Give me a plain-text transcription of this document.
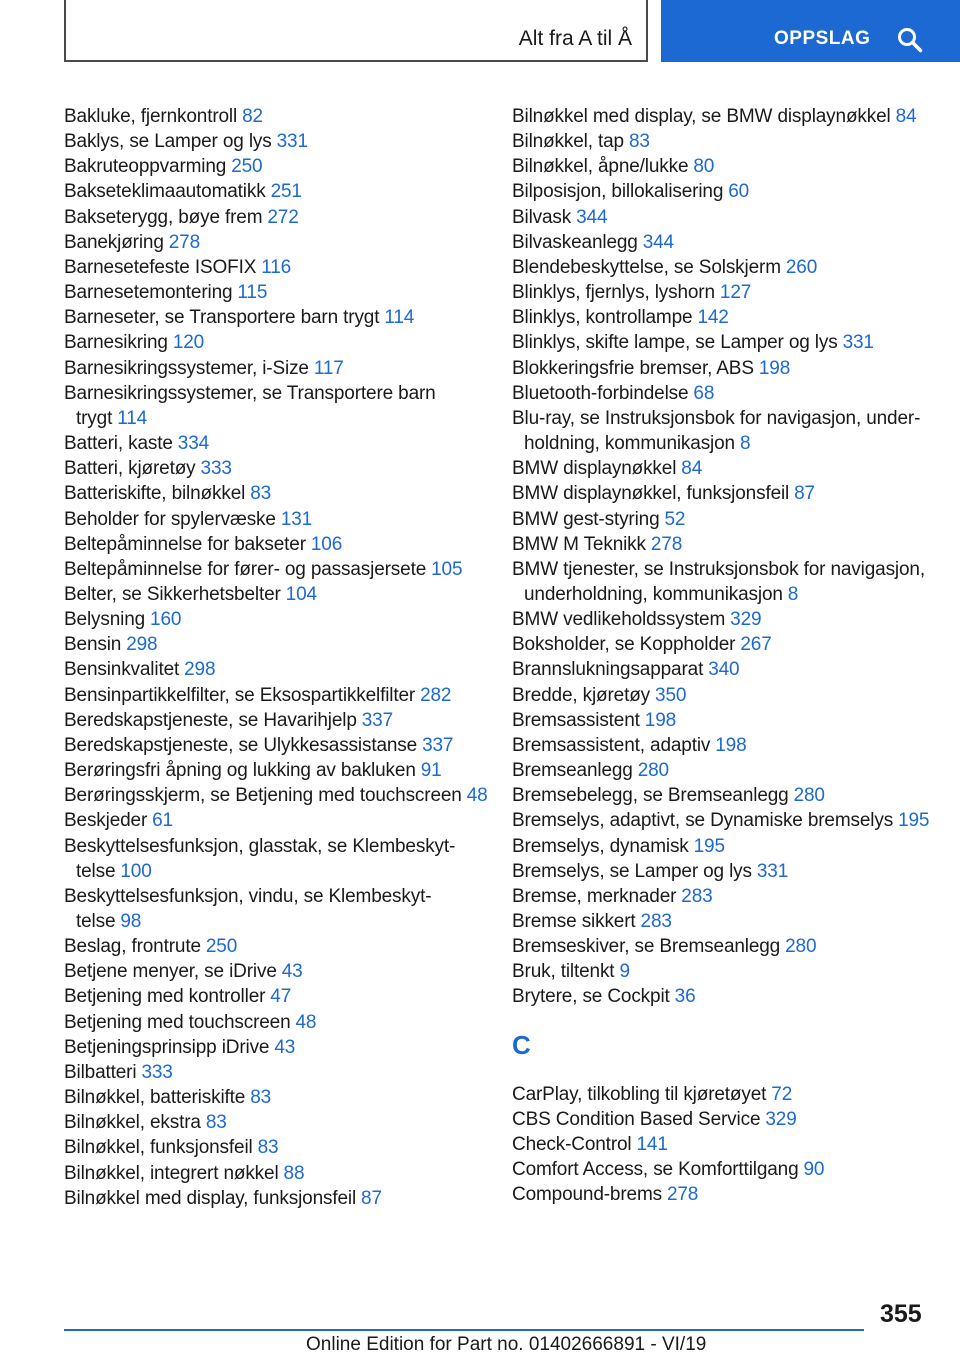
Alt fra A til Å	OPPSLAG
Bakluke, fjernkontroll 82
Baklys, se Lamper og lys 331
Bakruteoppvarming 250
Bakseteklimaautomatikk 251
Bakseterygg, bøye frem 272
Banekjøring 278
Barnesetefeste ISOFIX 116
Barnesetemontering 115
Barneseter, se Transportere barn trygt 114
Barnesikring 120
Barnesikringssystemer, i-Size 117
Barnesikringssystemer, se Transportere barn trygt 114
Batteri, kaste 334
Batteri, kjøretøy 333
Batteriskifte, bilnøkkel 83
Beholder for spylervæske 131
Beltepåminnelse for bakseter 106
Beltepåminnelse for fører- og passasjersete 105
Belter, se Sikkerhetsbelter 104
Belysning 160
Bensin 298
Bensinkvalitet 298
Bensinpartikkelfilter, se Eksospartikkelfilter 282
Beredskapstjeneste, se Havarihjelp 337
Beredskapstjeneste, se Ulykkesassistanse 337
Berøringsfri åpning og lukking av bakluken 91
Berøringsskjerm, se Betjening med touchscreen 48
Beskjeder 61
Beskyttelsesfunksjon, glasstak, se Klembeskyttelse 100
Beskyttelsesfunksjon, vindu, se Klembeskyttelse 98
Beslag, frontrute 250
Betjene menyer, se iDrive 43
Betjening med kontroller 47
Betjening med touchscreen 48
Betjeningsprinsipp iDrive 43
Bilbatteri 333
Bilnøkkel, batteriskifte 83
Bilnøkkel, ekstra 83
Bilnøkkel, funksjonsfeil 83
Bilnøkkel, integrert nøkkel 88
Bilnøkkel med display, funksjonsfeil 87
Bilnøkkel med display, se BMW displaynøkkel 84
Bilnøkkel, tap 83
Bilnøkkel, åpne/lukke 80
Bilposisjon, billokalisering 60
Bilvask 344
Bilvaskeanlegg 344
Blendebeskyttelse, se Solskjerm 260
Blinklys, fjernlys, lyshorn 127
Blinklys, kontrollampe 142
Blinklys, skifte lampe, se Lamper og lys 331
Blokkeringsfrie bremser, ABS 198
Bluetooth-forbindelse 68
Blu-ray, se Instruksjonsbok for navigasjon, underholdning, kommunikasjon 8
BMW displaynøkkel 84
BMW displaynøkkel, funksjonsfeil 87
BMW gest-styring 52
BMW M Teknikk 278
BMW tjenester, se Instruksjonsbok for navigasjon, underholdning, kommunikasjon 8
BMW vedlikeholdssystem 329
Boksholder, se Koppholder 267
Brannslukningsapparat 340
Bredde, kjøretøy 350
Bremsassistent 198
Bremsassistent, adaptiv 198
Bremseanlegg 280
Bremsebelegg, se Bremseanlegg 280
Bremselys, adaptivt, se Dynamiske bremselys 195
Bremselys, dynamisk 195
Bremselys, se Lamper og lys 331
Bremse, merknader 283
Bremse sikkert 283
Bremseskiver, se Bremseanlegg 280
Bruk, tiltenkt 9
Brytere, se Cockpit 36
C
CarPlay, tilkobling til kjøretøyet 72
CBS Condition Based Service 329
Check-Control 141
Comfort Access, se Komforttilgang 90
Compound-brems 278
355
Online Edition for Part no. 01402666891 - VI/19
